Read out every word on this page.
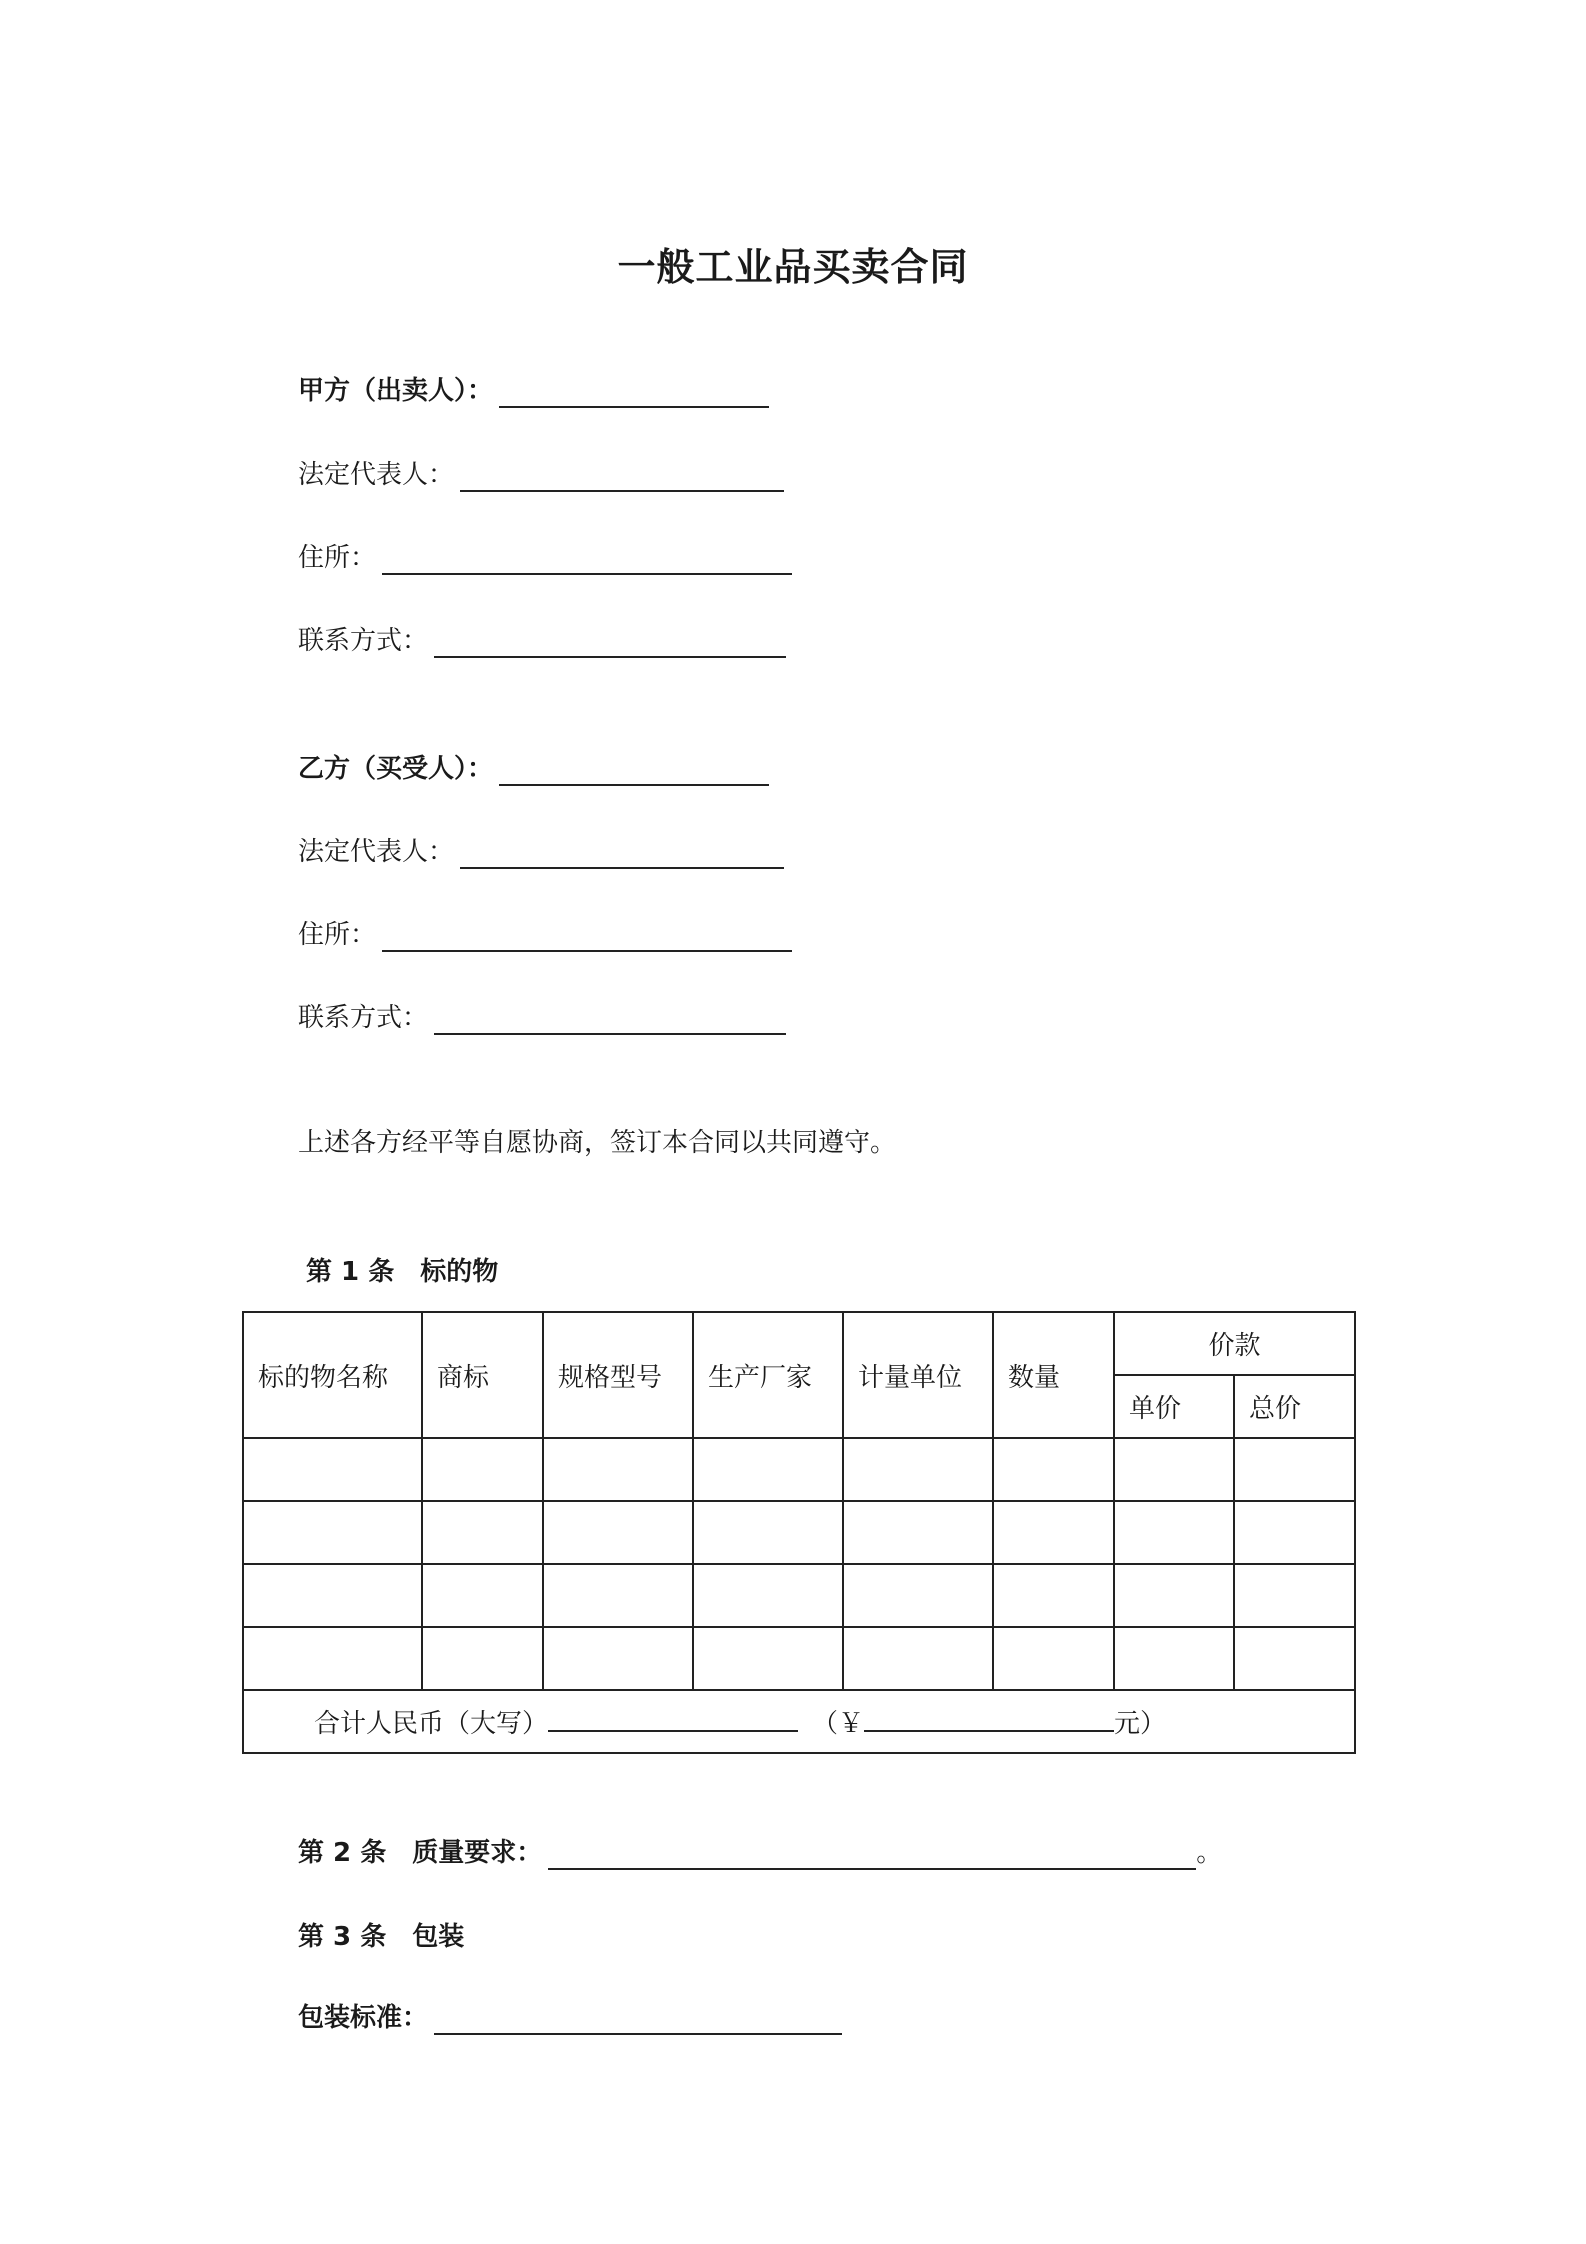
一般工业品买卖合同
甲方（出卖人）：
法定代表人：
住所：
联系方式：
乙方（买受人）：
法定代表人：
住所：
联系方式：
上述各方经平等自愿协商，签订本合同以共同遵守。
第 1 条　标的物
标的物名称	商标	规格型号	生产厂家	计量单位	数量	价款	
						单价	总价

合计人民币（大写） （￥ 元）							
第 2 条　质量要求：	。
第 3 条　包装
包装标准：
